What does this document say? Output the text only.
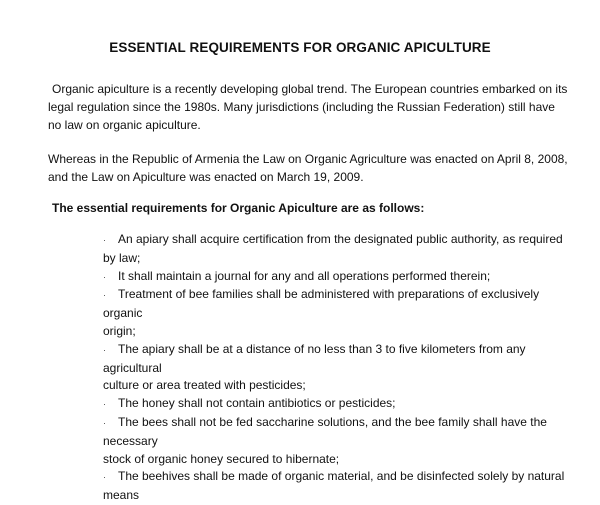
ESSENTIAL REQUIREMENTS FOR ORGANIC APICULTURE
Organic apiculture is a recently developing global trend. The European countries embarked on its legal regulation since the 1980s. Many jurisdictions (including the Russian Federation) still have no law on organic apiculture.
Whereas in the Republic of Armenia the Law on Organic Agriculture was enacted on April 8, 2008, and the Law on Apiculture was enacted on March 19, 2009.
The essential requirements for Organic Apiculture are as follows:
· An apiary shall acquire certification from the designated public authority, as required by law;
· It shall maintain a journal for any and all operations performed therein;
· Treatment of bee families shall be administered with preparations of exclusively organic
origin;
· The apiary shall be at a distance of no less than 3 to five kilometers from any agricultural
culture or area treated with pesticides;
· The honey shall not contain antibiotics or pesticides;
· The bees shall not be fed saccharine solutions, and the bee family shall have the necessary
stock of organic honey secured to hibernate;
· The beehives shall be made of organic material, and be disinfected solely by natural means
